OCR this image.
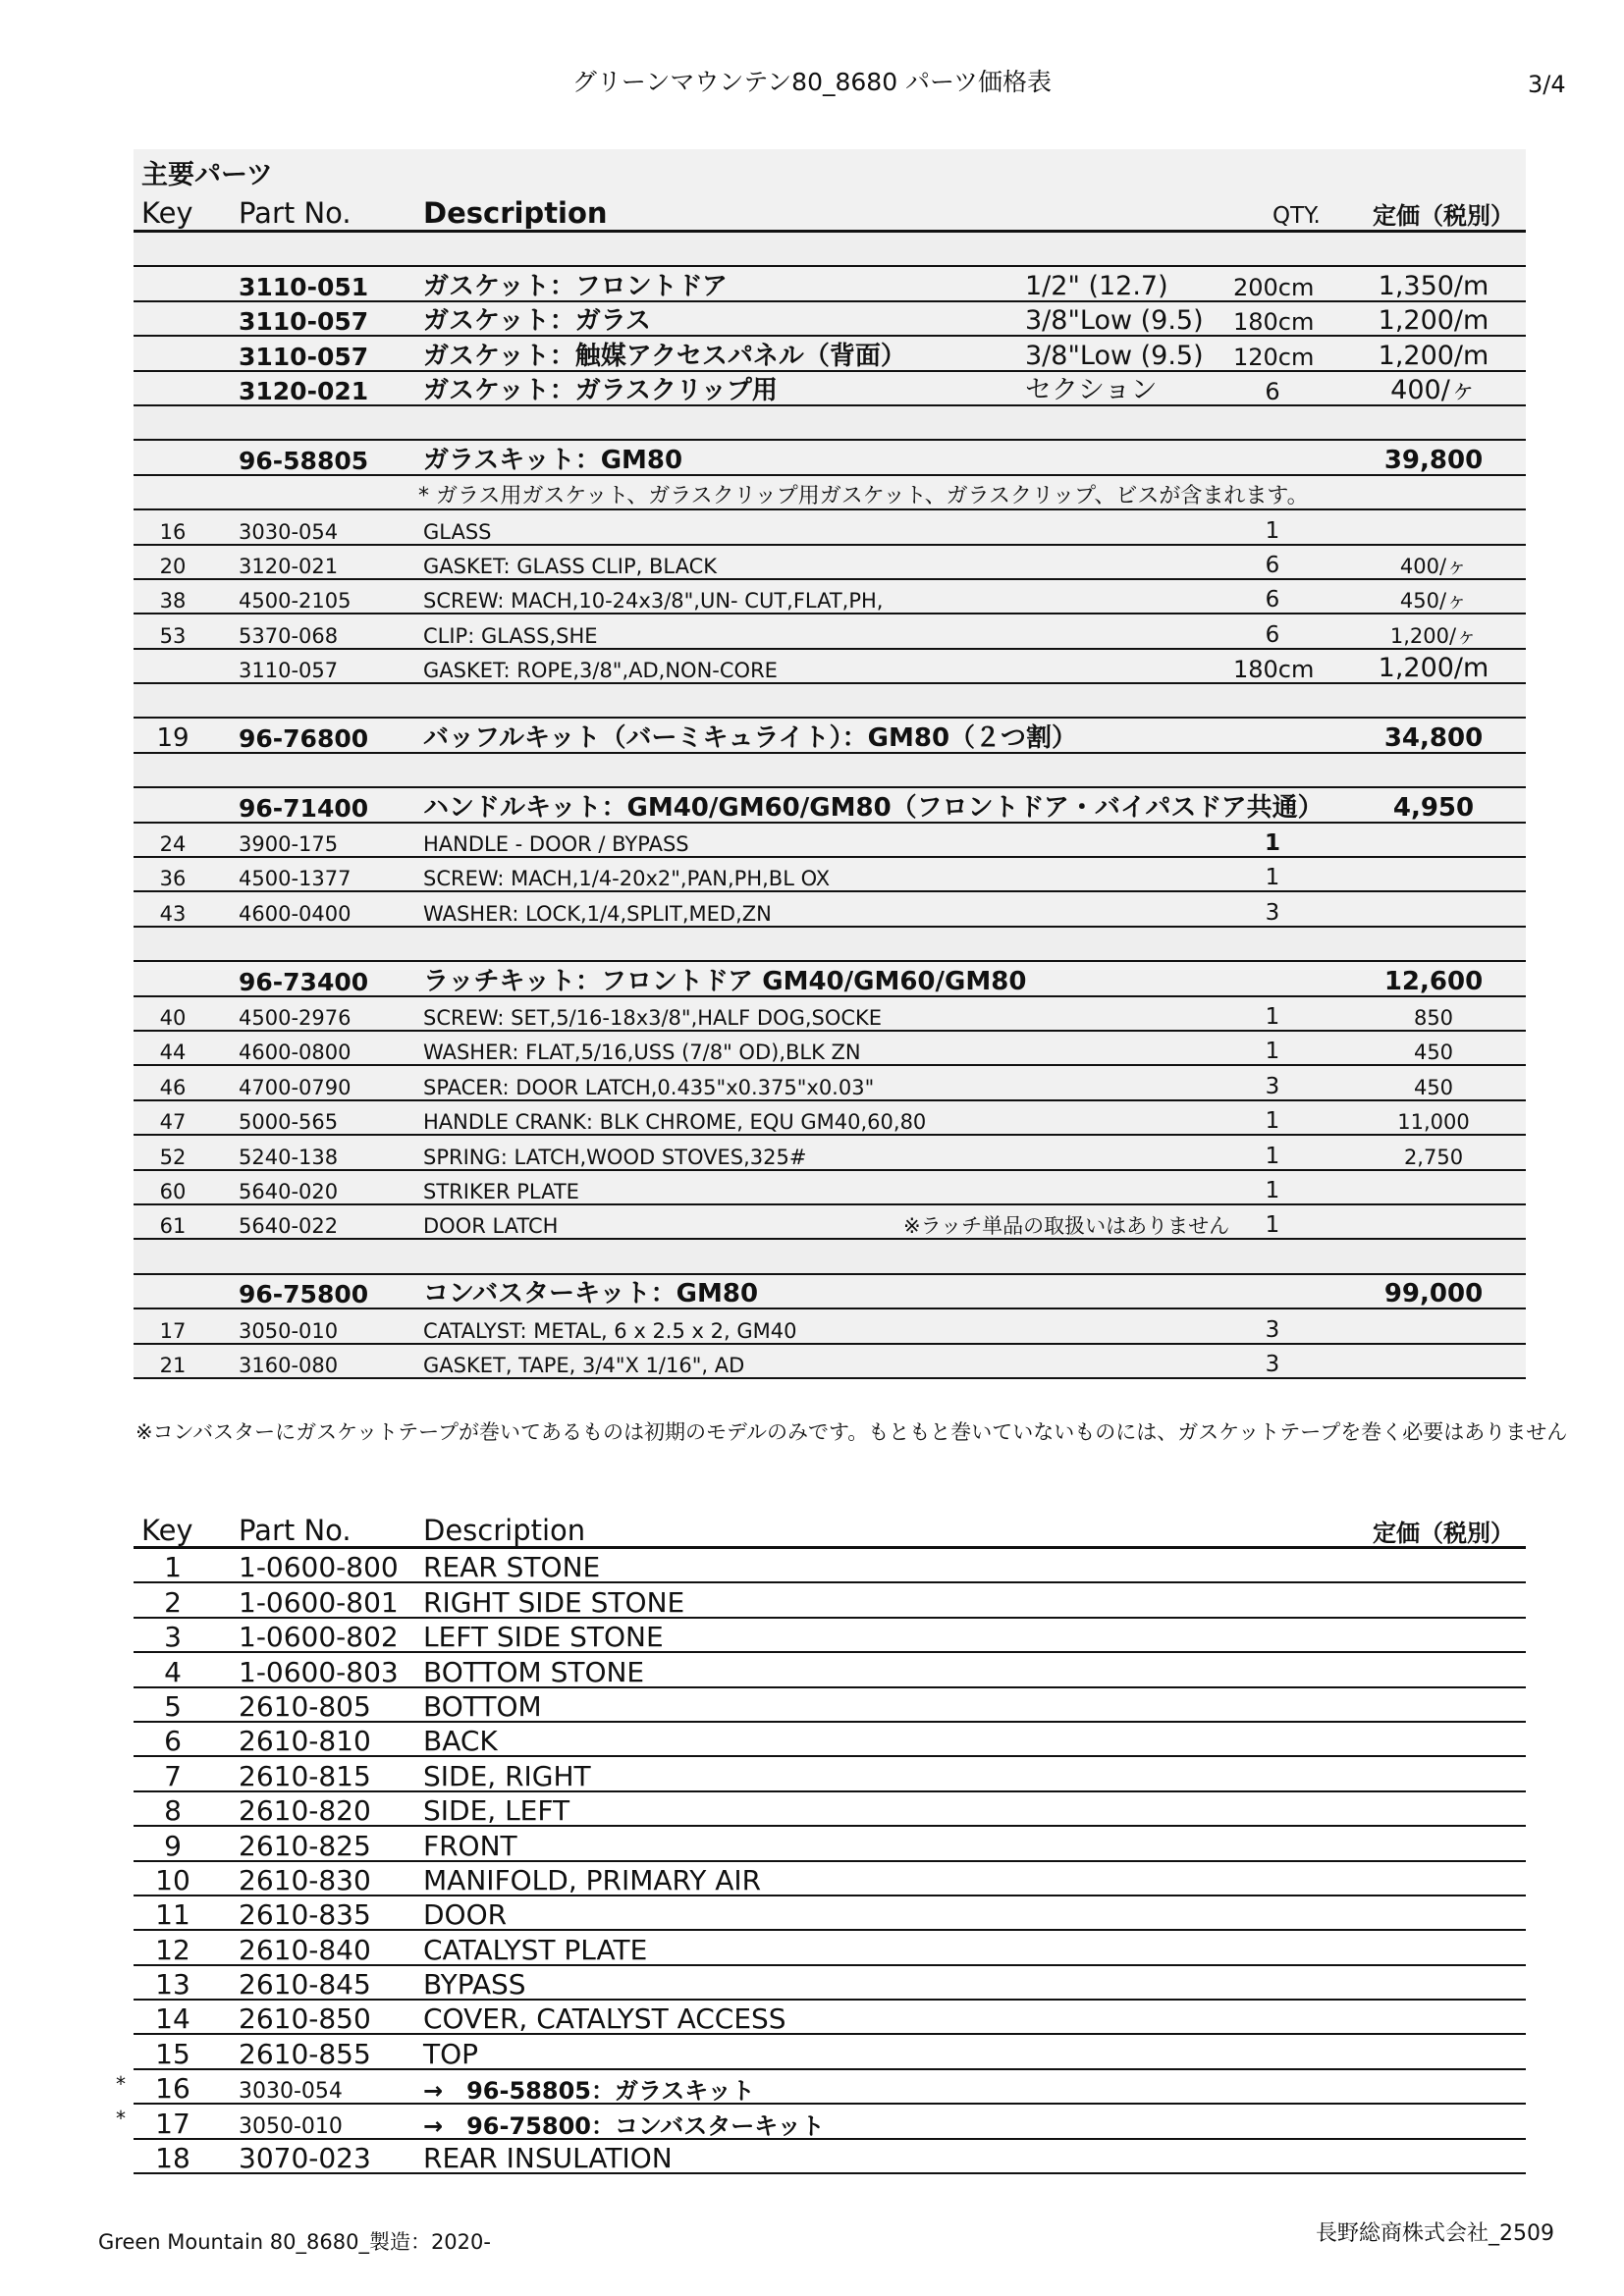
グリーンマウンテン80_8680 パーツ価格表	3/4
主要パーツ
Key Part No.	Description	QTY. 定価（税別）
3110-051 ガスケット：フロントドア	1/2" (12.7)	200cm	1,350/m
3110-057 ガスケット：ガラス	3/8"Low (9.5) 180cm	1,200/m
3110-057 ガスケット：触媒アクセスパネル（背面）	3/8"Low (9.5) 120cm	1,200/m
3120-021 ガスケット：ガラスクリップ用	セクション	6	400/ヶ
96-58805 ガラスキット：GM80	39,800
* ガラス用ガスケット、ガラスクリップ用ガスケット、ガラスクリップ、ビスが含まれます。
16	3030-054	GLASS	1
20	3120-021	GASKET: GLASS CLIP, BLACK	6	400/ヶ
38	4500-2105	SCREW: MACH,10-24x3/8",UN- CUT,FLAT,PH,	6	450/ヶ
53	5370-068	CLIP: GLASS,SHE	6	1,200/ヶ
3110-057	GASKET: ROPE,3/8",AD,NON-CORE	180cm	1,200/m
19	96-76800 バッフルキット（バーミキュライト）：GM80（２つ割）	34,800
96-71400 ハンドルキット：GM40/GM60/GM80（フロントドア・バイパスドア共通）	4,950
24	3900-175	HANDLE - DOOR / BYPASS	1
36	4500-1377	SCREW: MACH,1/4-20x2",PAN,PH,BL OX	1
43	4600-0400	WASHER: LOCK,1/4,SPLIT,MED,ZN	3
96-73400 ラッチキット：フロントドア GM40/GM60/GM80	12,600
40	4500-2976	SCREW: SET,5/16-18x3/8",HALF DOG,SOCKE	1	850
44	4600-0800	WASHER: FLAT,5/16,USS (7/8" OD),BLK ZN	1	450
46	4700-0790	SPACER: DOOR LATCH,0.435"x0.375"x0.03"	3	450
47	5000-565	HANDLE CRANK: BLK CHROME, EQU GM40,60,80	1	11,000
52	5240-138	SPRING: LATCH,WOOD STOVES,325#	1	2,750
60	5640-020	STRIKER PLATE	1
61	5640-022	DOOR LATCH	※ラッチ単品の取扱いはありません	1
96-75800 コンバスターキット：GM80	99,000
17	3050-010	CATALYST: METAL, 6 x 2.5 x 2, GM40	3
21	3160-080	GASKET, TAPE, 3/4"X 1/16", AD	3
※コンバスターにガスケットテープが巻いてあるものは初期のモデルのみです。もともと巻いていないものには、ガスケットテープを巻く必要はありません
Key Part No.	Description	定価（税別）
1	1-0600-800 REAR STONE
2	1-0600-801 RIGHT SIDE STONE
3	1-0600-802 LEFT SIDE STONE
4	1-0600-803 BOTTOM STONE
5	2610-805 BOTTOM
6	2610-810 BACK
7	2610-815 SIDE, RIGHT
8	2610-820 SIDE, LEFT
9	2610-825 FRONT
10	2610-830 MANIFOLD, PRIMARY AIR
11	2610-835 DOOR
12	2610-840 CATALYST PLATE
13	2610-845 BYPASS
14	2610-850 COVER, CATALYST ACCESS
15	2610-855 TOP
*	16	3030-054	→　96-58805：ガラスキット
*	17	3050-010	→　96-75800：コンバスターキット
18	3070-023 REAR INSULATION
Green Mountain 80_8680_製造：2020-	長野総商株式会社_2509
